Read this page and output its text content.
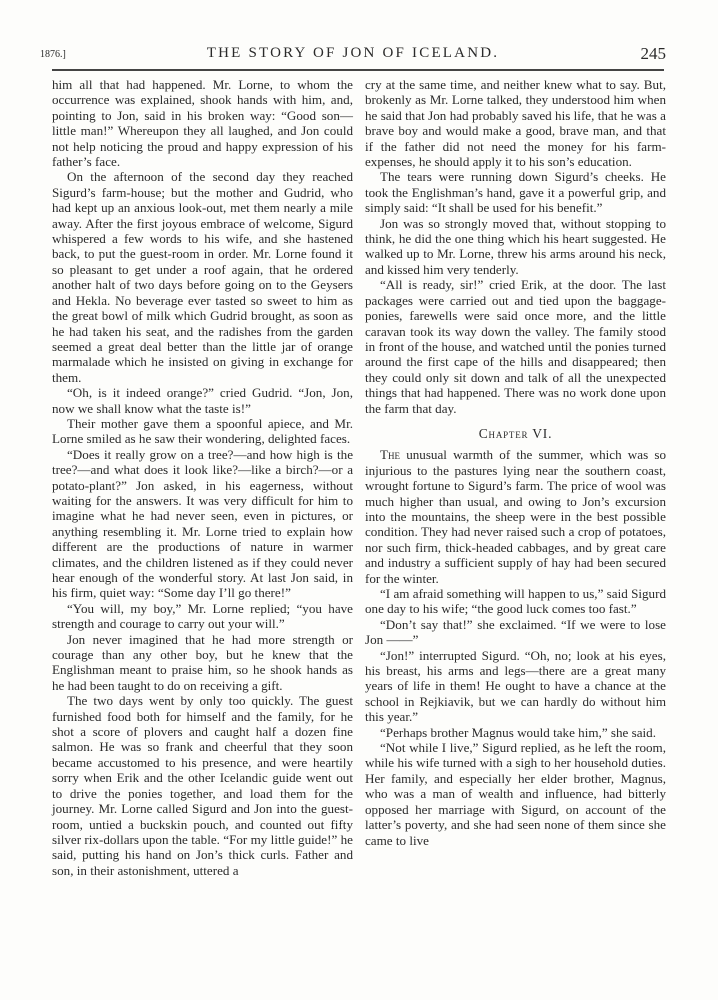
1876.]	THE STORY OF JON OF ICELAND.	245

him all that had happened. Mr. Lorne, to whom the occurrence was explained, shook hands with him, and, pointing to Jon, said in his broken way: “Good son—little man!” Whereupon they all laughed, and Jon could not help noticing the proud and happy expression of his father’s face.

On the afternoon of the second day they reached Sigurd’s farm-house; but the mother and Gudrid, who had kept up an anxious look-out, met them nearly a mile away. After the first joyous embrace of welcome, Sigurd whispered a few words to his wife, and she hastened back, to put the guest-room in order. Mr. Lorne found it so pleasant to get under a roof again, that he ordered another halt of two days before going on to the Geysers and Hekla. No beverage ever tasted so sweet to him as the great bowl of milk which Gudrid brought, as soon as he had taken his seat, and the radishes from the garden seemed a great deal better than the little jar of orange marmalade which he insisted on giving in exchange for them.

“Oh, is it indeed orange?” cried Gudrid. “Jon, Jon, now we shall know what the taste is!”

Their mother gave them a spoonful apiece, and Mr. Lorne smiled as he saw their wondering, delighted faces.

“Does it really grow on a tree?—and how high is the tree?—and what does it look like?—like a birch?—or a potato-plant?” Jon asked, in his eagerness, without waiting for the answers. It was very difficult for him to imagine what he had never seen, even in pictures, or anything resembling it. Mr. Lorne tried to explain how different are the productions of nature in warmer climates, and the children listened as if they could never hear enough of the wonderful story. At last Jon said, in his firm, quiet way: “Some day I’ll go there!”

“You will, my boy,” Mr. Lorne replied; “you have strength and courage to carry out your will.”

Jon never imagined that he had more strength or courage than any other boy, but he knew that the Englishman meant to praise him, so he shook hands as he had been taught to do on receiving a gift.

The two days went by only too quickly. The guest furnished food both for himself and the family, for he shot a score of plovers and caught half a dozen fine salmon. He was so frank and cheerful that they soon became accustomed to his presence, and were heartily sorry when Erik and the other Icelandic guide went out to drive the ponies together, and load them for the journey. Mr. Lorne called Sigurd and Jon into the guest-room, untied a buckskin pouch, and counted out fifty silver rix-dollars upon the table. “For my little guide!” he said, putting his hand on Jon’s thick curls. Father and son, in their astonishment, uttered a

cry at the same time, and neither knew what to say. But, brokenly as Mr. Lorne talked, they understood him when he said that Jon had probably saved his life, that he was a brave boy and would make a good, brave man, and that if the father did not need the money for his farm-expenses, he should apply it to his son’s education.

The tears were running down Sigurd’s cheeks. He took the Englishman’s hand, gave it a powerful grip, and simply said: “It shall be used for his benefit.”

Jon was so strongly moved that, without stopping to think, he did the one thing which his heart suggested. He walked up to Mr. Lorne, threw his arms around his neck, and kissed him very tenderly.

“All is ready, sir!” cried Erik, at the door. The last packages were carried out and tied upon the baggage-ponies, farewells were said once more, and the little caravan took its way down the valley. The family stood in front of the house, and watched until the ponies turned around the first cape of the hills and disappeared; then they could only sit down and talk of all the unexpected things that had happened. There was no work done upon the farm that day.

Chapter VI.

The unusual warmth of the summer, which was so injurious to the pastures lying near the southern coast, wrought fortune to Sigurd’s farm. The price of wool was much higher than usual, and owing to Jon’s excursion into the mountains, the sheep were in the best possible condition. They had never raised such a crop of potatoes, nor such firm, thick-headed cabbages, and by great care and industry a sufficient supply of hay had been secured for the winter.

“I am afraid something will happen to us,” said Sigurd one day to his wife; “the good luck comes too fast.”

“Don’t say that!” she exclaimed. “If we were to lose Jon ——”

“Jon!” interrupted Sigurd. “Oh, no; look at his eyes, his breast, his arms and legs—there are a great many years of life in them! He ought to have a chance at the school in Rejkiavik, but we can hardly do without him this year.”

“Perhaps brother Magnus would take him,” she said.

“Not while I live,” Sigurd replied, as he left the room, while his wife turned with a sigh to her household duties. Her family, and especially her elder brother, Magnus, who was a man of wealth and influence, had bitterly opposed her marriage with Sigurd, on account of the latter’s poverty, and she had seen none of them since she came to live
